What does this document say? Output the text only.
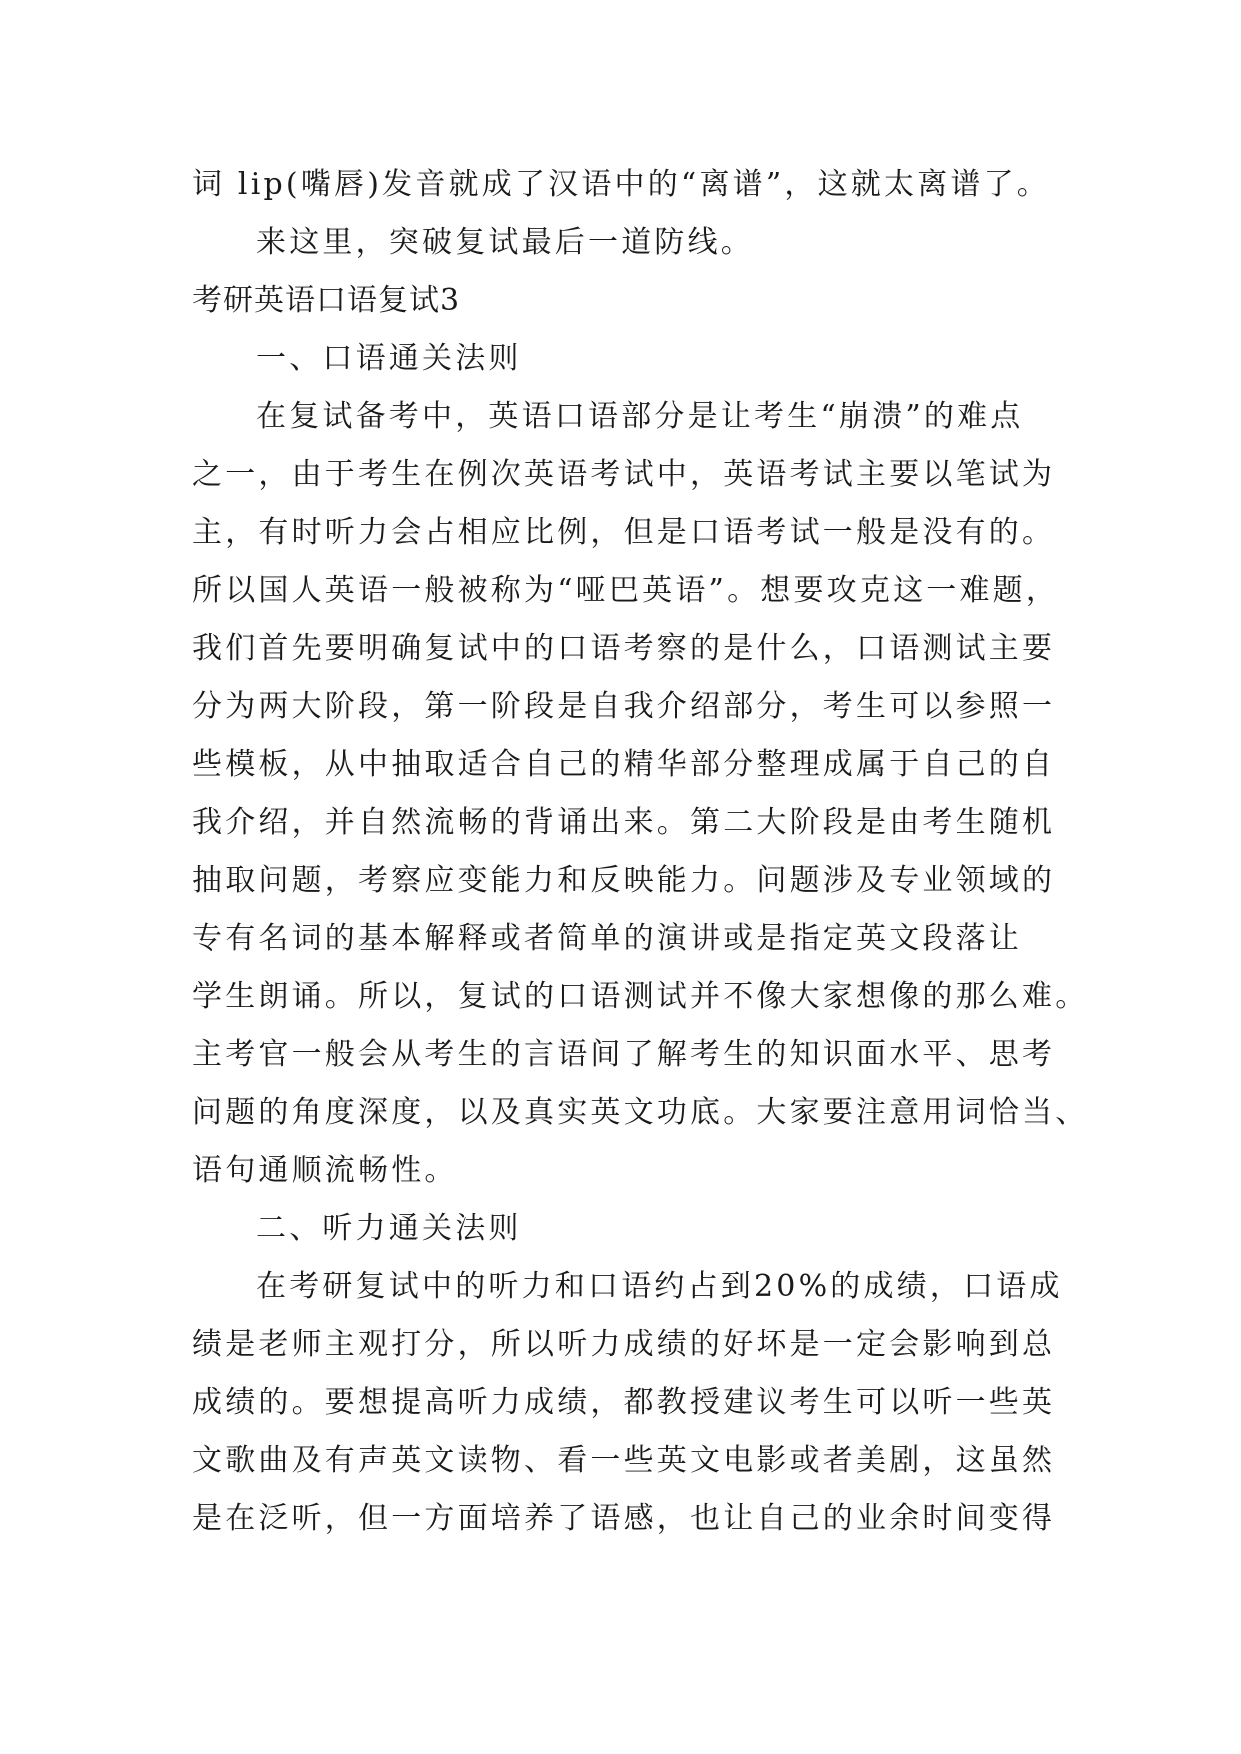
词 lip(嘴唇)发音就成了汉语中的“离谱”，这就太离谱了。
来这里，突破复试最后一道防线。
考研英语口语复试3
一、口语通关法则
在复试备考中，英语口语部分是让考生“崩溃”的难点
之一，由于考生在例次英语考试中，英语考试主要以笔试为
主，有时听力会占相应比例，但是口语考试一般是没有的。
所以国人英语一般被称为“哑巴英语”。想要攻克这一难题，
我们首先要明确复试中的口语考察的是什么，口语测试主要
分为两大阶段，第一阶段是自我介绍部分，考生可以参照一
些模板，从中抽取适合自己的精华部分整理成属于自己的自
我介绍，并自然流畅的背诵出来。第二大阶段是由考生随机
抽取问题，考察应变能力和反映能力。问题涉及专业领域的
专有名词的基本解释或者简单的演讲或是指定英文段落让
学生朗诵。所以，复试的口语测试并不像大家想像的那么难。
主考官一般会从考生的言语间了解考生的知识面水平、思考
问题的角度深度，以及真实英文功底。大家要注意用词恰当、
语句通顺流畅性。
二、听力通关法则
在考研复试中的听力和口语约占到20%的成绩，口语成
绩是老师主观打分，所以听力成绩的好坏是一定会影响到总
成绩的。要想提高听力成绩，都教授建议考生可以听一些英
文歌曲及有声英文读物、看一些英文电影或者美剧，这虽然
是在泛听，但一方面培养了语感，也让自己的业余时间变得
